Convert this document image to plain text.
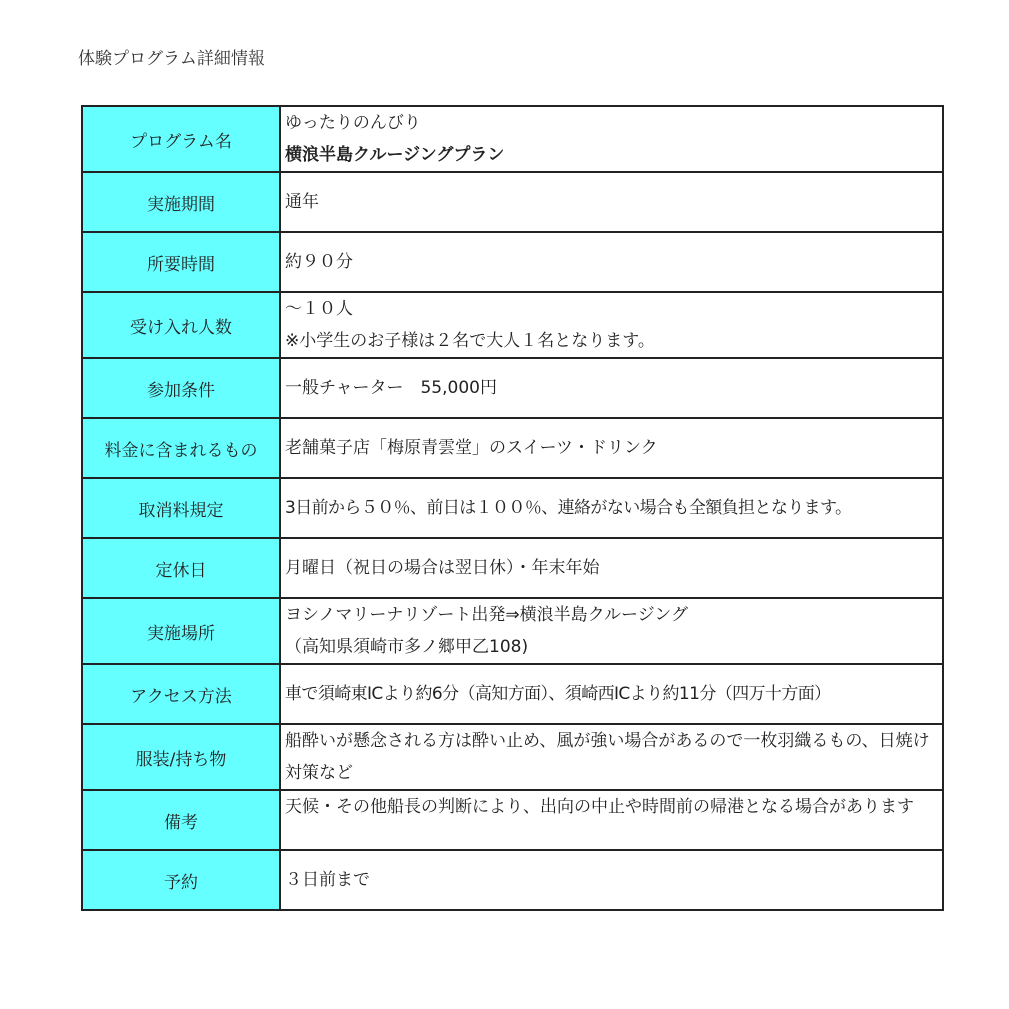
体験プログラム詳細情報
プログラム名	ゆったりのんびり
横浪半島クルージングプラン

実施期間	通年

所要時間	約９０分

受け入れ人数	～１０人
※小学生のお子様は２名で大人１名となります。

参加条件	一般チャーター　55,000円

料金に含まれるもの	老舗菓子店「梅原青雲堂」のスイーツ・ドリンク

取消料規定	3日前から５０％、前日は１００％、連絡がない場合も全額負担となります。

定休日	月曜日（祝日の場合は翌日休）・年末年始

実施場所	ヨシノマリーナリゾート出発⇒横浪半島クルージング
（高知県須崎市多ノ郷甲乙108)

アクセス方法	車で須崎東ICより約6分（高知方面）、須崎西ICより約11分（四万十方面）

服装/持ち物	船酔いが懸念される方は酔い止め、風が強い場合があるので一枚羽織るもの、日焼け対策など

備考	天候・その他船長の判断により、出向の中止や時間前の帰港となる場合があります

予約	３日前まで
